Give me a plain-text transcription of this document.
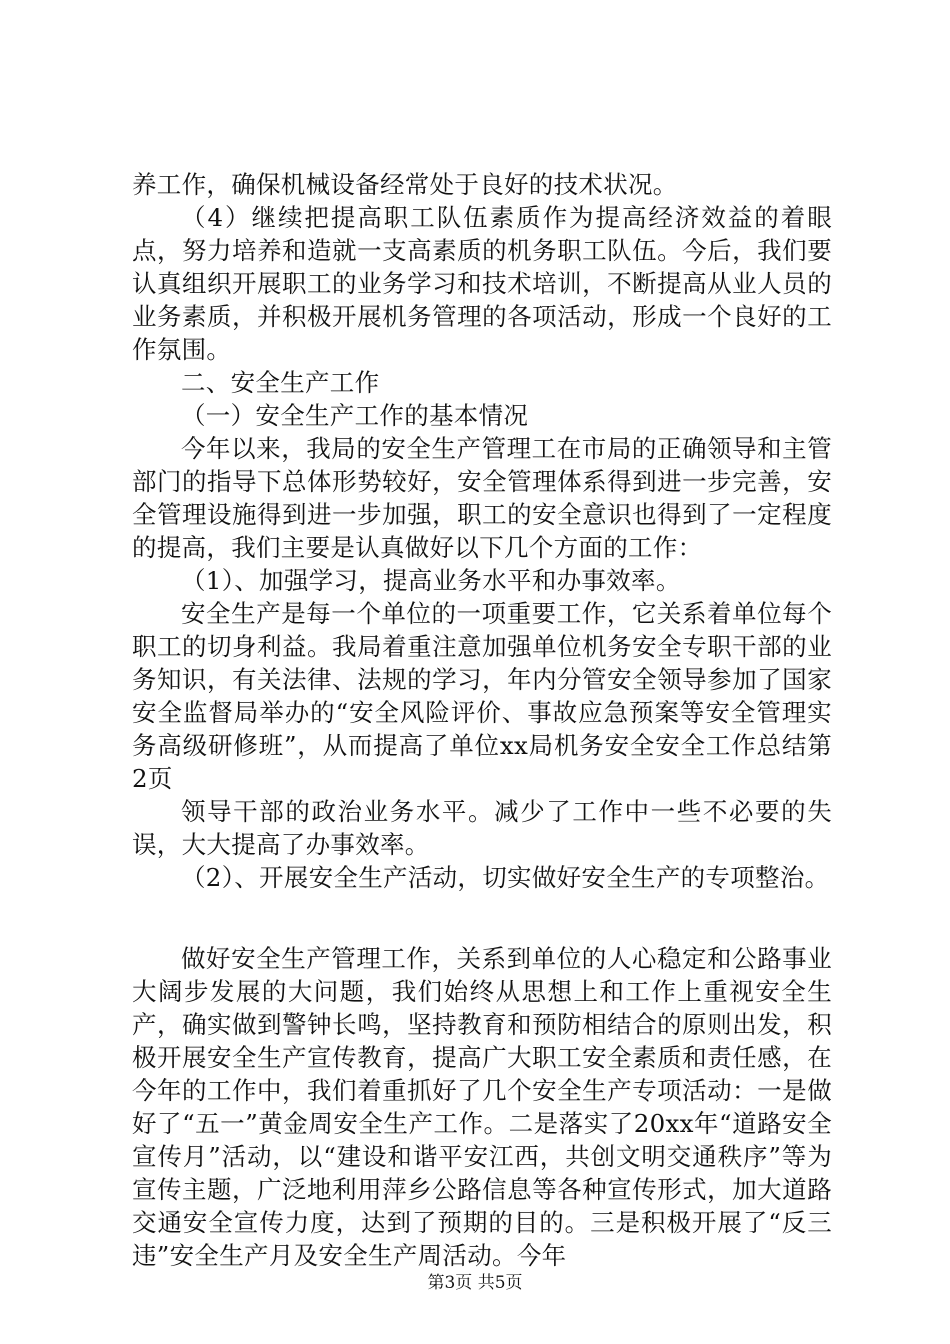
养工作，确保机械设备经常处于良好的技术状况。

（4）继续把提高职工队伍素质作为提高经济效益的着眼点，努力培养和造就一支高素质的机务职工队伍。今后，我们要认真组织开展职工的业务学习和技术培训，不断提高从业人员的业务素质，并积极开展机务管理的各项活动，形成一个良好的工作氛围。

二、安全生产工作

（一）安全生产工作的基本情况

今年以来，我局的安全生产管理工在市局的正确领导和主管部门的指导下总体形势较好，安全管理体系得到进一步完善，安全管理设施得到进一步加强，职工的安全意识也得到了一定程度的提高，我们主要是认真做好以下几个方面的工作：

（1）、加强学习，提高业务水平和办事效率。

安全生产是每一个单位的一项重要工作，它关系着单位每个职工的切身利益。我局着重注意加强单位机务安全专职干部的业务知识，有关法律、法规的学习，年内分管安全领导参加了国家安全监督局举办的“安全风险评价、事故应急预案等安全管理实务高级研修班”，从而提高了单位xx局机务安全安全工作总结第2页

领导干部的政治业务水平。减少了工作中一些不必要的失误，大大提高了办事效率。

（2）、开展安全生产活动，切实做好安全生产的专项整治。

做好安全生产管理工作，关系到单位的人心稳定和公路事业大阔步发展的大问题，我们始终从思想上和工作上重视安全生产，确实做到警钟长鸣，坚持教育和预防相结合的原则出发，积极开展安全生产宣传教育，提高广大职工安全素质和责任感，在今年的工作中，我们着重抓好了几个安全生产专项活动：一是做好了“五一”黄金周安全生产工作。二是落实了20xx年“道路安全宣传月”活动，以“建设和谐平安江西，共创文明交通秩序”等为宣传主题，广泛地利用萍乡公路信息等各种宣传形式，加大道路交通安全宣传力度，达到了预期的目的。三是积极开展了“反三违”安全生产月及安全生产周活动。今年

第3页 共5页
